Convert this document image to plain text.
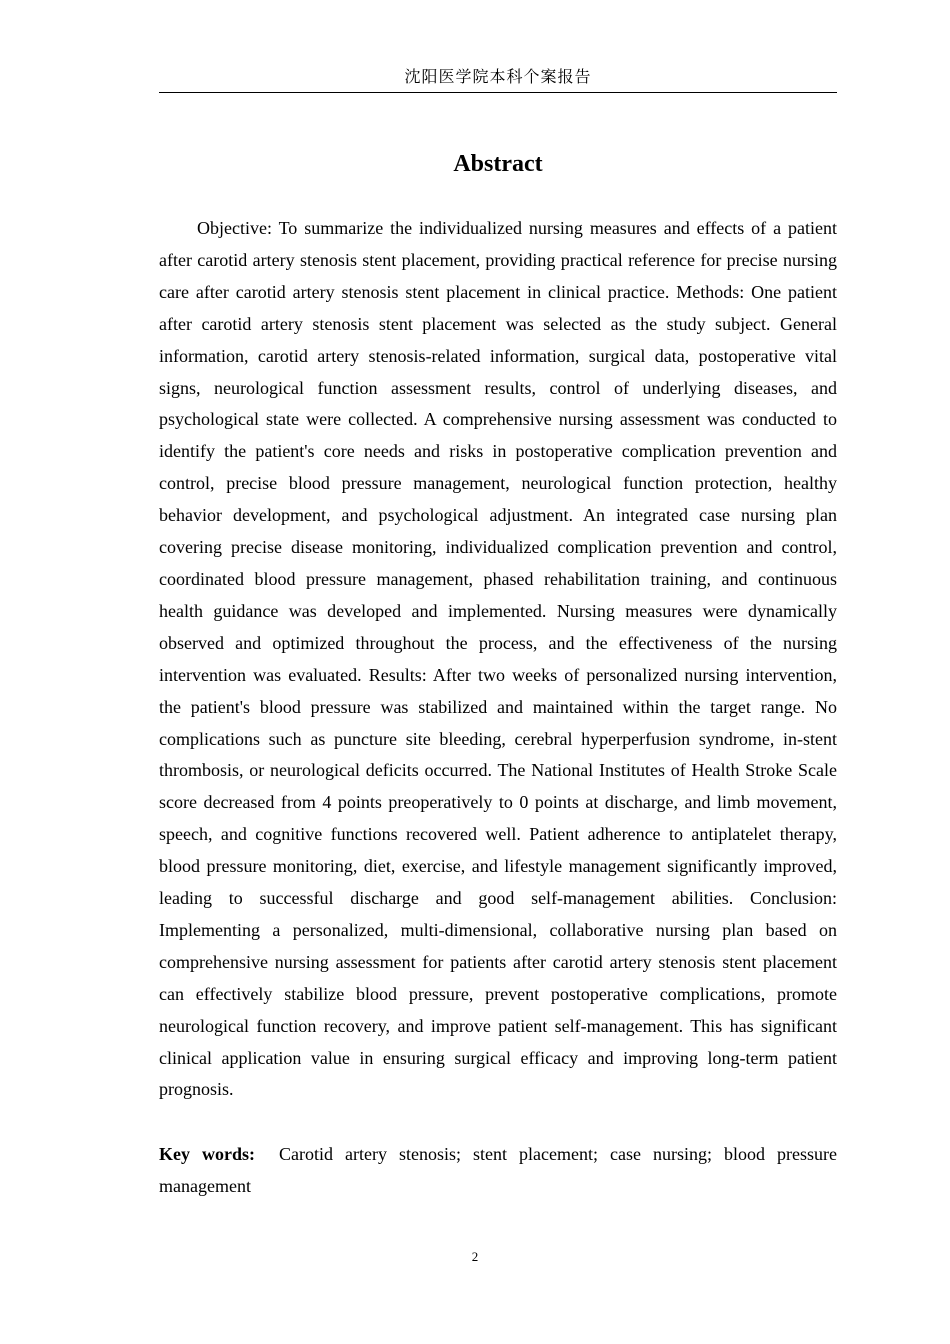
沈阳医学院本科个案报告
Abstract

Objective: To summarize the individualized nursing measures and effects of a patient after carotid artery stenosis stent placement, providing practical reference for precise nursing care after carotid artery stenosis stent placement in clinical practice. Methods: One patient after carotid artery stenosis stent placement was selected as the study subject. General information, carotid artery stenosis-related information, surgical data, postoperative vital signs, neurological function assessment results, control of underlying diseases, and psychological state were collected. A comprehensive nursing assessment was conducted to identify the patient's core needs and risks in postoperative complication prevention and control, precise blood pressure management, neurological function protection, healthy behavior development, and psychological adjustment. An integrated case nursing plan covering precise disease monitoring, individualized complication prevention and control, coordinated blood pressure management, phased rehabilitation training, and continuous health guidance was developed and implemented. Nursing measures were dynamically observed and optimized throughout the process, and the effectiveness of the nursing intervention was evaluated. Results: After two weeks of personalized nursing intervention, the patient's blood pressure was stabilized and maintained within the target range. No complications such as puncture site bleeding, cerebral hyperperfusion syndrome, in-stent thrombosis, or neurological deficits occurred. The National Institutes of Health Stroke Scale score decreased from 4 points preoperatively to 0 points at discharge, and limb movement, speech, and cognitive functions recovered well. Patient adherence to antiplatelet therapy, blood pressure monitoring, diet, exercise, and lifestyle management significantly improved, leading to successful discharge and good self-management abilities. Conclusion: Implementing a personalized, multi-dimensional, collaborative nursing plan based on comprehensive nursing assessment for patients after carotid artery stenosis stent placement can effectively stabilize blood pressure, prevent postoperative complications, promote neurological function recovery, and improve patient self-management. This has significant clinical application value in ensuring surgical efficacy and improving long-term patient prognosis.

Key words: Carotid artery stenosis; stent placement; case nursing; blood pressure management

2
